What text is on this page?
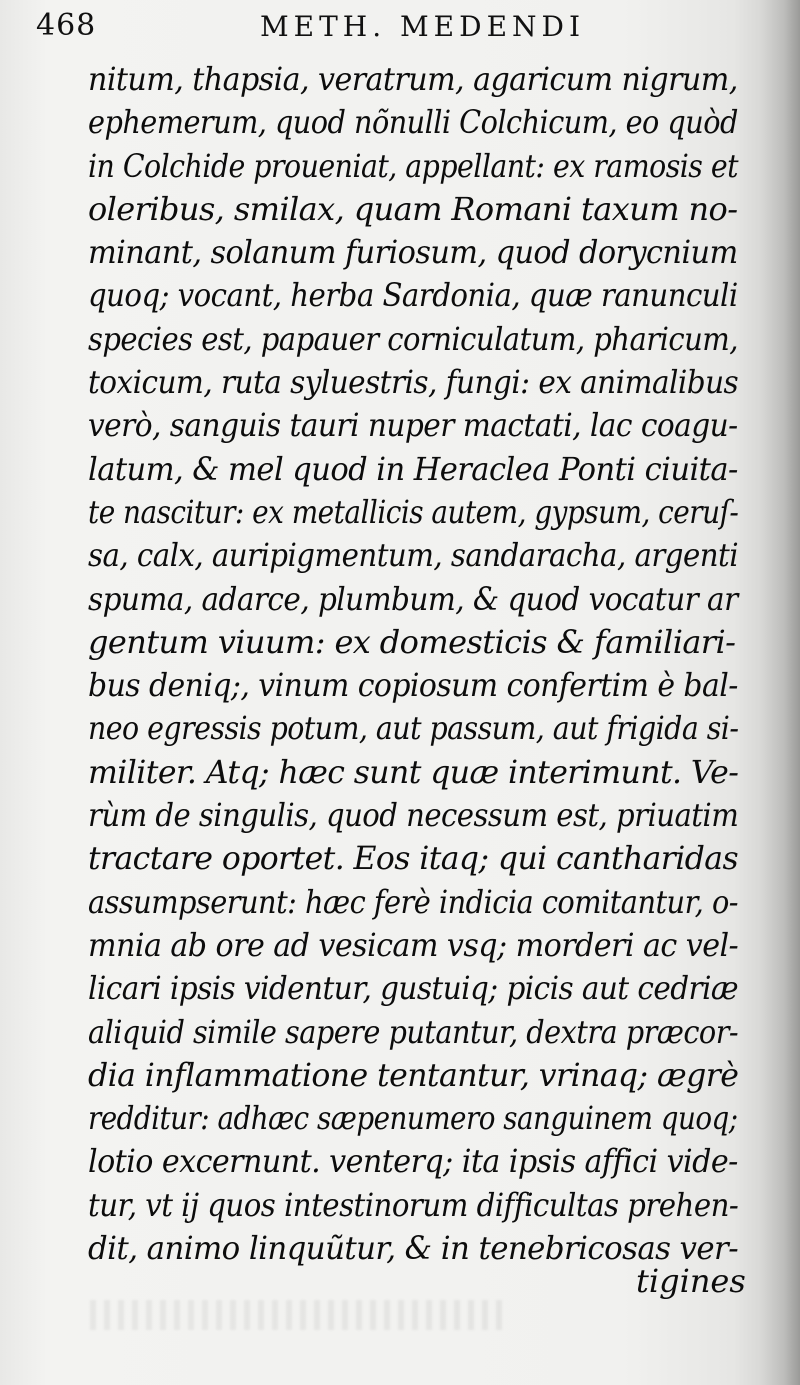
468	METH. MEDENDI
nitum, thapsia, veratrum, agaricum nigrum,
ephemerum, quod nõnulli Colchicum, eo quòd
in Colchide proueniat, appellant: ex ramosis et
oleribus, smilax, quam Romani taxum no-
minant, solanum furiosum, quod dorycnium
quoq; vocant, herba Sardonia, quæ ranunculi
species est, papauer corniculatum, pharicum,
toxicum, ruta syluestris, fungi: ex animalibus
verò, sanguis tauri nuper mactati, lac coagu-
latum, & mel quod in Heraclea Ponti ciuita-
te nascitur: ex metallicis autem, gypsum, ceruſ-
sa, calx, auripigmentum, sandaracha, argenti
spuma, adarce, plumbum, & quod vocatur ar
gentum viuum: ex domesticis & familiari-
bus deniq;, vinum copiosum confertim è bal-
neo egressis potum, aut passum, aut frigida si-
militer. Atq; hæc sunt quæ interimunt. Ve-
rùm de singulis, quod necessum est, priuatim
tractare oportet. Eos itaq; qui cantharidas
assumpserunt: hæc ferè indicia comitantur, o-
mnia ab ore ad vesicam vsq; morderi ac vel-
licari ipsis videntur, gustuiq; picis aut cedriæ
aliquid simile sapere putantur, dextra præcor-
dia inflammatione tentantur, vrinaq; ægrè
redditur: adhæc sæpenumero sanguinem quoq;
lotio excernunt. venterq; ita ipsis affici vide-
tur, vt ij quos intestinorum difficultas prehen-
dit, animo linquũtur, & in tenebricosas ver-
tigines
